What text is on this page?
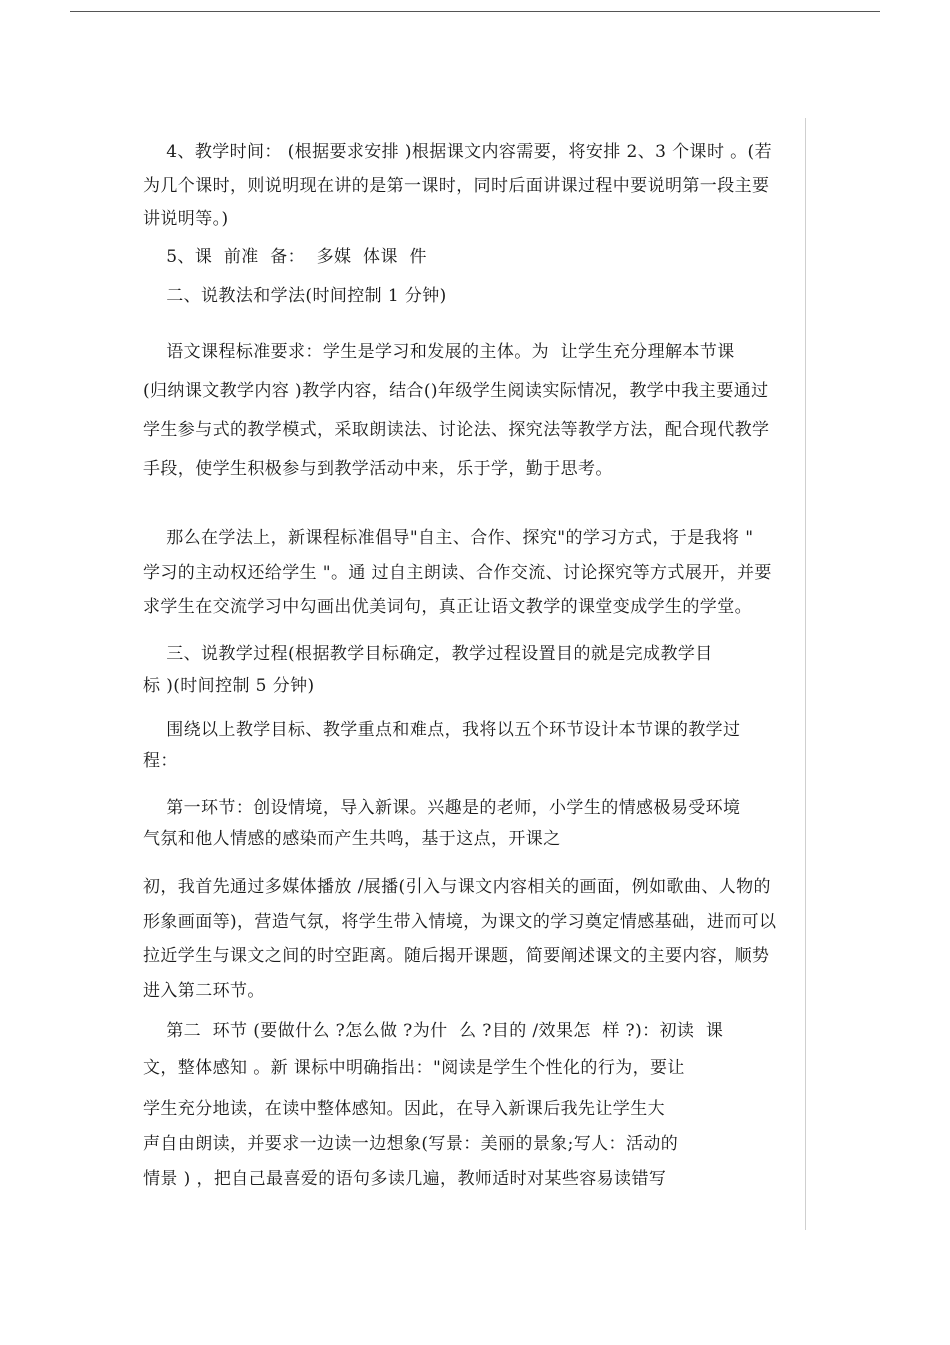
4、教学时间： (根据要求安排 )根据课文内容需要，将安排 2、3 个课时 。(若
为几个课时，则说明现在讲的是第一课时，同时后面讲课过程中要说明第一段主要
讲说明等。)
5、课  前准  备：  多媒  体课  件
二、说教法和学法(时间控制 1 分钟)
语文课程标准要求：学生是学习和发展的主体。为  让学生充分理解本节课
(归纳课文教学内容 )教学内容，结合()年级学生阅读实际情况，教学中我主要通过
学生参与式的教学模式，采取朗读法、讨论法、探究法等教学方法，配合现代教学
手段，使学生积极参与到教学活动中来，乐于学，勤于思考。
那么在学法上，新课程标准倡导"自主、合作、探究"的学习方式，于是我将 "
学习的主动权还给学生 "。通 过自主朗读、合作交流、讨论探究等方式展开，并要
求学生在交流学习中勾画出优美词句，真正让语文教学的课堂变成学生的学堂。
三、说教学过程(根据教学目标确定，教学过程设置目的就是完成教学目
标 )(时间控制 5 分钟)
围绕以上教学目标、教学重点和难点，我将以五个环节设计本节课的教学过
程：
第一环节：创设情境，导入新课。兴趣是的老师，小学生的情感极易受环境
气氛和他人情感的感染而产生共鸣，基于这点，开课之
初，我首先通过多媒体播放 /展播(引入与课文内容相关的画面，例如歌曲、人物的
形象画面等)，营造气氛，将学生带入情境，为课文的学习奠定情感基础，进而可以
拉近学生与课文之间的时空距离。随后揭开课题，简要阐述课文的主要内容，顺势
进入第二环节。
第二  环节 (要做什么 ?怎么做 ?为什  么 ?目的 /效果怎  样 ?)：初读  课
文，整体感知 。新 课标中明确指出："阅读是学生个性化的行为，要让
学生充分地读，在读中整体感知。因此，在导入新课后我先让学生大
声自由朗读，并要求一边读一边想象(写景：美丽的景象;写人：活动的
情景 ) ，把自己最喜爱的语句多读几遍，教师适时对某些容易读错写
